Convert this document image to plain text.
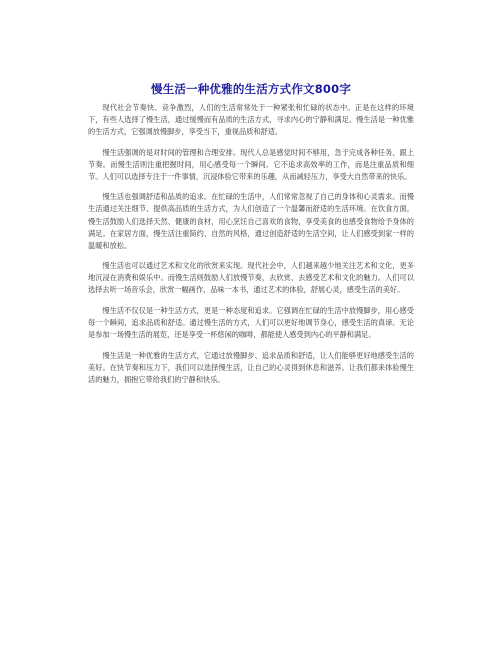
慢生活一种优雅的生活方式作文800字

现代社会节奏快、竞争激烈，人们的生活常常处于一种紧张和忙碌的状态中。正是在这样的环境下，有些人选择了慢生活，通过缓慢而有品质的生活方式，寻求内心的宁静和满足。慢生活是一种优雅的生活方式，它强调放慢脚步，享受当下，重视品质和舒适。

慢生活强调的是对时间的管理和合理安排。现代人总是感觉时间不够用，急于完成各种任务、跟上节奏。而慢生活则注重把握时间，用心感受每一个瞬间。它不追求高效率的工作，而是注重品质和细节。人们可以选择专注于一件事情，沉浸体验它带来的乐趣，从而减轻压力，享受大自然带来的快乐。

慢生活也强调舒适和品质的追求。在忙碌的生活中，人们常常忽视了自己的身体和心灵需求。而慢生活通过关注细节、提供高品质的生活方式，为人们创造了一个温馨而舒适的生活环境。在饮食方面，慢生活鼓励人们选择天然、健康的食材，用心烹饪自己喜欢的食物，享受美食的也感受食物给予身体的满足。在家居方面，慢生活注重简约、自然的风格，通过创造舒适的生活空间，让人们感受到家一样的温暖和放松。

慢生活也可以通过艺术和文化的欣赏来实现。现代社会中，人们越来越少地关注艺术和文化，更多地沉浸在消费和娱乐中。而慢生活则鼓励人们放慢节奏，去欣赏、去感受艺术和文化的魅力。人们可以选择去听一场音乐会，欣赏一幅画作，品味一本书，通过艺术的体验，舒展心灵，感受生活的美好。

慢生活不仅仅是一种生活方式，更是一种态度和追求。它强调在忙碌的生活中放慢脚步，用心感受每一个瞬间，追求品质和舒适。通过慢生活的方式，人们可以更好地调节身心，感受生活的真谛。无论是参加一场慢生活的展览，还是享受一杯悠闲的咖啡，都能使人感受到内心的平静和满足。

慢生活是一种优雅的生活方式，它通过放慢脚步、追求品质和舒适，让人们能够更好地感受生活的美好。在快节奏和压力下，我们可以选择慢生活，让自己的心灵得到休息和滋养。让我们都来体验慢生活的魅力，拥抱它带给我们的宁静和快乐。
